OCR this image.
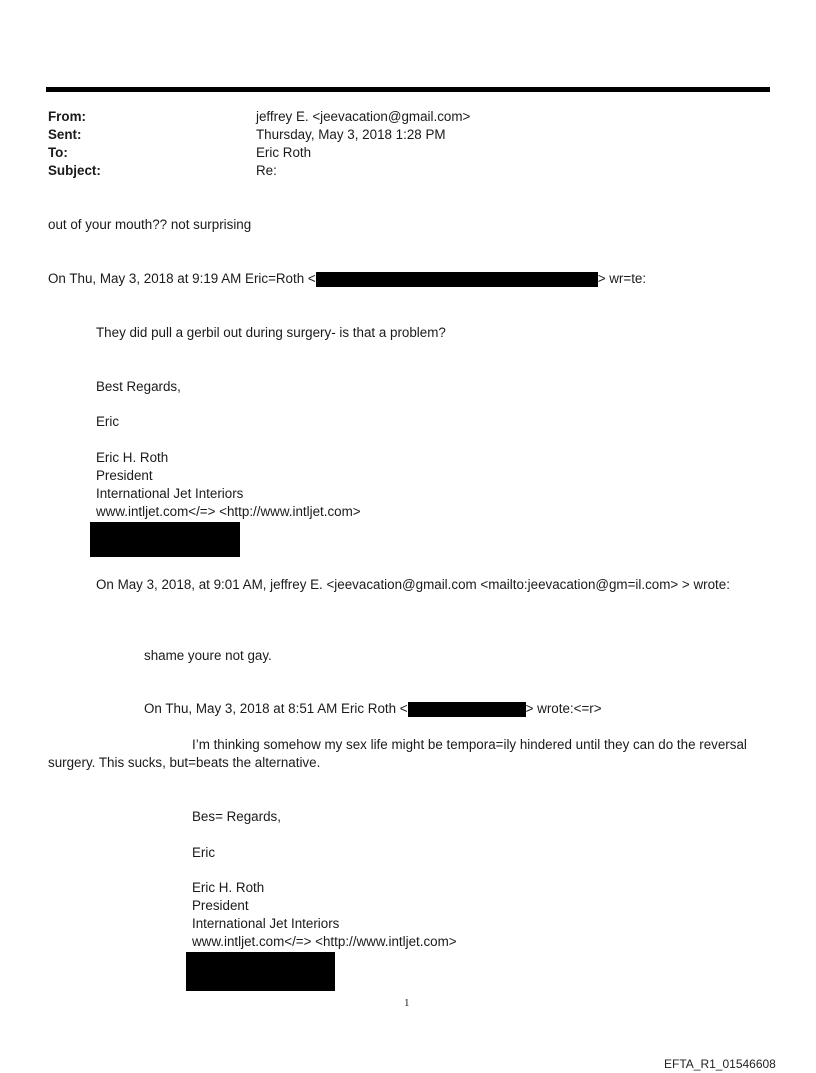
From:	jeffrey E. <jeevacation@gmail.com>
Sent:	Thursday, May 3, 2018 1:28 PM
To:	Eric Roth
Subject:	Re:
out of your mouth?? not surprising
On Thu, May 3, 2018 at 9:19 AM Eric=Roth <	> wr=te:
They did pull a gerbil out during surgery- is that a problem?
Best Regards,
Eric
Eric H. Roth
President
International Jet Interiors
www.intljet.com</=> <http://www.intljet.com>
On May 3, 2018, at 9:01 AM, jeffrey E. <jeevacation@gmail.com <mailto:jeevacation@gm=il.com> > wrote:
shame youre not gay.
On Thu, May 3, 2018 at 8:51 AM Eric Roth <	> wrote:<=r>
I’m thinking somehow my sex life might be tempora=ily hindered until they can do the reversal
surgery. This sucks, but=beats the alternative.
Bes= Regards,
Eric
Eric H. Roth
President
International Jet Interiors
www.intljet.com</=> <http://www.intljet.com>
1
EFTA_R1_01546608
